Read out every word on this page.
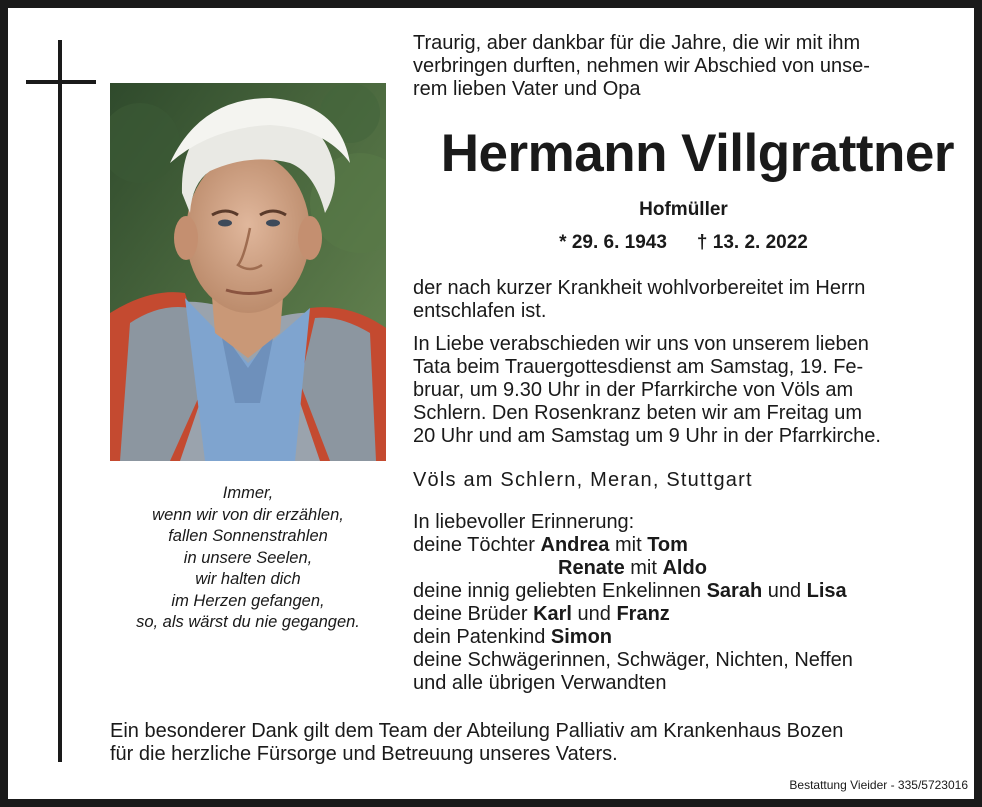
Immer,
wenn wir von dir erzählen,
fallen Sonnenstrahlen
in unsere Seelen,
wir halten dich
im Herzen gefangen,
so, als wärst du nie gegangen.
Traurig, aber dankbar für die Jahre, die wir mit ihm
verbringen durften, nehmen wir Abschied von unse-
rem lieben Vater und Opa
Hermann Villgrattner
Hofmüller
* 29. 6. 1943 † 13. 2. 2022
der nach kurzer Krankheit wohlvorbereitet im Herrn
entschlafen ist.
In Liebe verabschieden wir uns von unserem lieben
Tata beim Trauergottesdienst am Samstag, 19. Fe-
bruar, um 9.30 Uhr in der Pfarrkirche von Völs am
Schlern. Den Rosenkranz beten wir am Freitag um
20 Uhr und am Samstag um 9 Uhr in der Pfarrkirche.
Völs am Schlern, Meran, Stuttgart
In liebevoller Erinnerung:
deine Töchter Andrea mit Tom
Renate mit Aldo
deine innig geliebten Enkelinnen Sarah und Lisa
deine Brüder Karl und Franz
dein Patenkind Simon
deine Schwägerinnen, Schwäger, Nichten, Neffen
und alle übrigen Verwandten
Ein besonderer Dank gilt dem Team der Abteilung Palliativ am Krankenhaus Bozen
für die herzliche Fürsorge und Betreuung unseres Vaters.
Bestattung Vieider - 335/5723016
